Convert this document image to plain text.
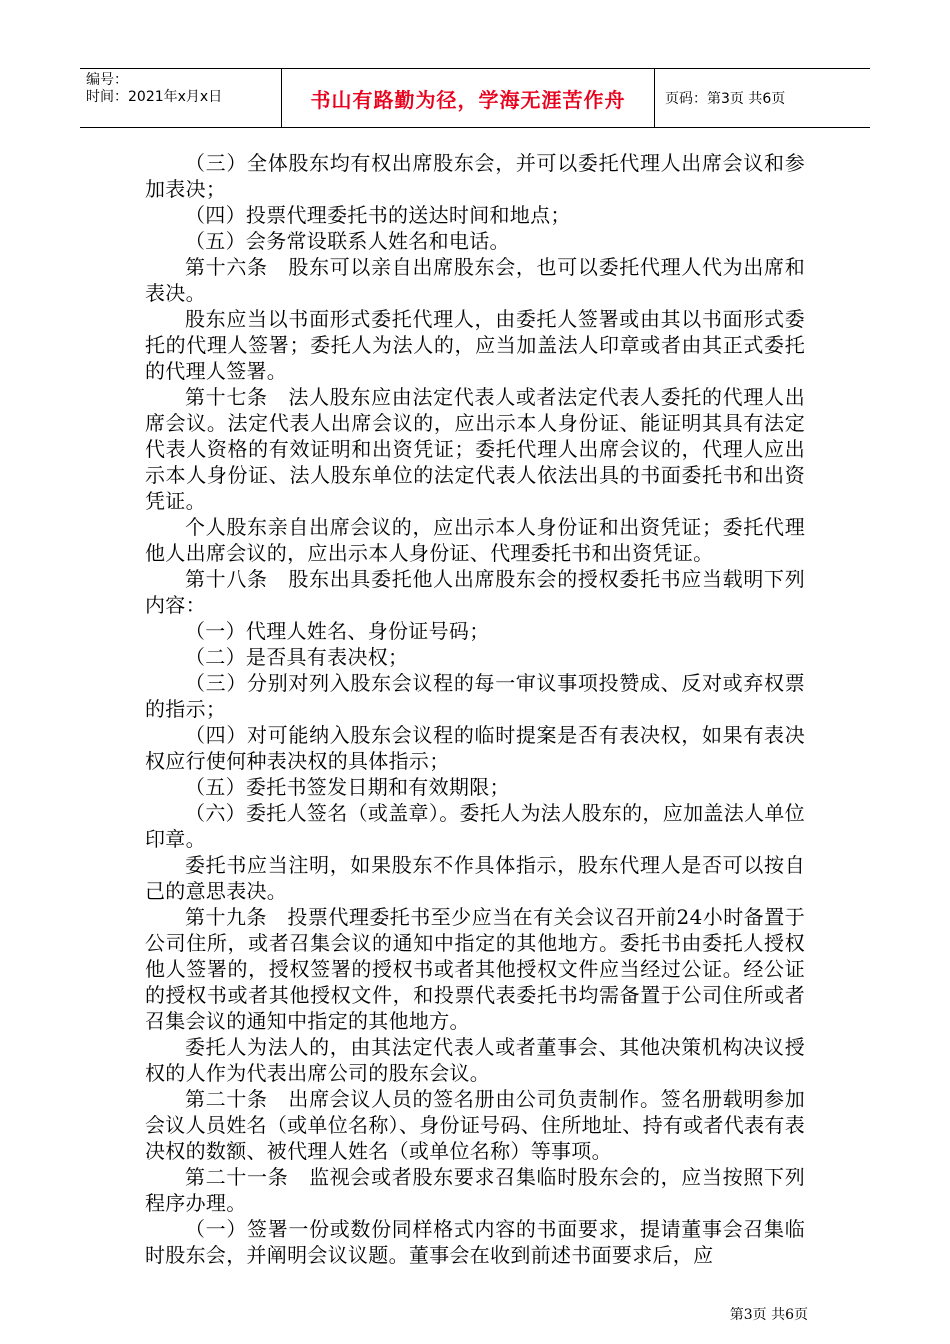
编号：
时间：2021年x月x日	书山有路勤为径，学海无涯苦作舟	页码：第3页 共6页

（三）全体股东均有权出席股东会，并可以委托代理人出席会议和参加表决；

（四）投票代理委托书的送达时间和地点；

（五）会务常设联系人姓名和电话。

第十六条　股东可以亲自出席股东会，也可以委托代理人代为出席和表决。

股东应当以书面形式委托代理人，由委托人签署或由其以书面形式委托的代理人签署；委托人为法人的，应当加盖法人印章或者由其正式委托的代理人签署。

第十七条　法人股东应由法定代表人或者法定代表人委托的代理人出席会议。法定代表人出席会议的，应出示本人身份证、能证明其具有法定代表人资格的有效证明和出资凭证；委托代理人出席会议的，代理人应出示本人身份证、法人股东单位的法定代表人依法出具的书面委托书和出资凭证。

个人股东亲自出席会议的，应出示本人身份证和出资凭证；委托代理他人出席会议的，应出示本人身份证、代理委托书和出资凭证。

第十八条　股东出具委托他人出席股东会的授权委托书应当载明下列内容：

（一）代理人姓名、身份证号码；

（二）是否具有表决权；

（三）分别对列入股东会议程的每一审议事项投赞成、反对或弃权票的指示；

（四）对可能纳入股东会议程的临时提案是否有表决权，如果有表决权应行使何种表决权的具体指示；

（五）委托书签发日期和有效期限；

（六）委托人签名（或盖章）。委托人为法人股东的，应加盖法人单位印章。

委托书应当注明，如果股东不作具体指示，股东代理人是否可以按自己的意思表决。

第十九条　投票代理委托书至少应当在有关会议召开前24小时备置于公司住所，或者召集会议的通知中指定的其他地方。委托书由委托人授权他人签署的，授权签署的授权书或者其他授权文件应当经过公证。经公证的授权书或者其他授权文件，和投票代表委托书均需备置于公司住所或者召集会议的通知中指定的其他地方。

委托人为法人的，由其法定代表人或者董事会、其他决策机构决议授权的人作为代表出席公司的股东会议。

第二十条　出席会议人员的签名册由公司负责制作。签名册载明参加会议人员姓名（或单位名称）、身份证号码、住所地址、持有或者代表有表决权的数额、被代理人姓名（或单位名称）等事项。

第二十一条　监视会或者股东要求召集临时股东会的，应当按照下列程序办理。

（一）签署一份或数份同样格式内容的书面要求，提请董事会召集临时股东会，并阐明会议议题。董事会在收到前述书面要求后，应

第3页 共6页
